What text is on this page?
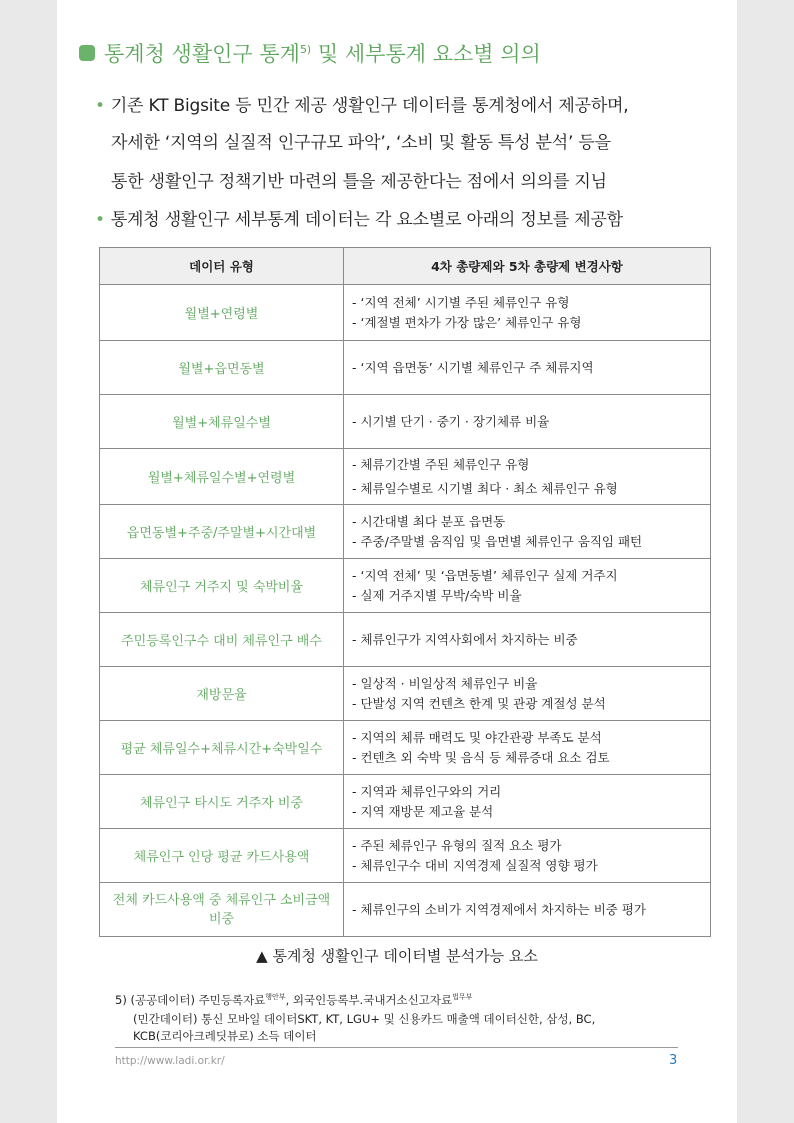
통계청 생활인구 통계$^{5)}$
및 세부통계 요소별 의의
• 기존 KT Bigsite 등 민간 제공 생활인구 데이터를 통계청에서 제공하며,
자세한 ‘지역의 실질적 인구규모 파악’, ‘소비 및 활동 특성 분석’ 등을
통한 생활인구 정책기반 마련의 틀을 제공한다는 점에서 의의를 지님
• 통계청 생활인구 세부통계 데이터는 각 요소별로 아래의 정보를 제공함
데이터 유형	4차 총량제와 5차 총량제 변경사항
월별+연령별	- ‘지역 전체’ 시기별 주된 체류인구 유형
- ‘계절별 편차가 가장 많은’ 체류인구 유형

월별+읍면동별	- ‘지역 읍면동’ 시기별 체류인구 주 체류지역

월별+체류일수별	- 시기별 단기 · 중기 · 장기체류 비율

월별+체류일수별+연령별	- 체류기간별 주된 체류인구 유형
- 체류일수별로 시기별 최다 · 최소 체류인구 유형

읍면동별+주중/주말별+시간대별	- 시간대별 최다 분포 읍면동
- 주중/주말별 움직임 및 읍면별 체류인구 움직임 패턴

체류인구 거주지 및 숙박비율	- ‘지역 전체’ 및 ‘읍면동별’ 체류인구 실제 거주지
- 실제 거주지별 무박/숙박 비율

주민등록인구수 대비 체류인구 배수	- 체류인구가 지역사회에서 차지하는 비중

재방문율	- 일상적 · 비일상적 체류인구 비율
- 단발성 지역 컨텐츠 한계 및 관광 계절성 분석

평균 체류일수+체류시간+숙박일수	- 지역의 체류 매력도 및 야간관광 부족도 분석
- 컨텐츠 외 숙박 및 음식 등 체류증대 요소 검토

체류인구 타시도 거주자 비중	- 지역과 체류인구와의 거리
- 지역 재방문 제고율 분석

체류인구 인당 평균 카드사용액	- 주된 체류인구 유형의 질적 요소 평가
- 체류인구수 대비 지역경제 실질적 영향 평가

전체 카드사용액 중 체류인구 소비금액 비중	- 체류인구의 소비가 지역경제에서 차지하는 비중 평가
▲ 통계청 생활인구 데이터별 분석가능 요소
5) (공공데이터) 주민등록자료$^{행안부}$, 외국인등록부.국내거소신고자료$^{법무부}$
(민간데이터) 통신 모바일 데이터SKT, KT, LGU+ 및 신용카드 매출액 데이터신한, 삼성, BC,
KCB(코리아크레딧뷰로) 소득 데이터
http://www.ladi.or.kr/	3
